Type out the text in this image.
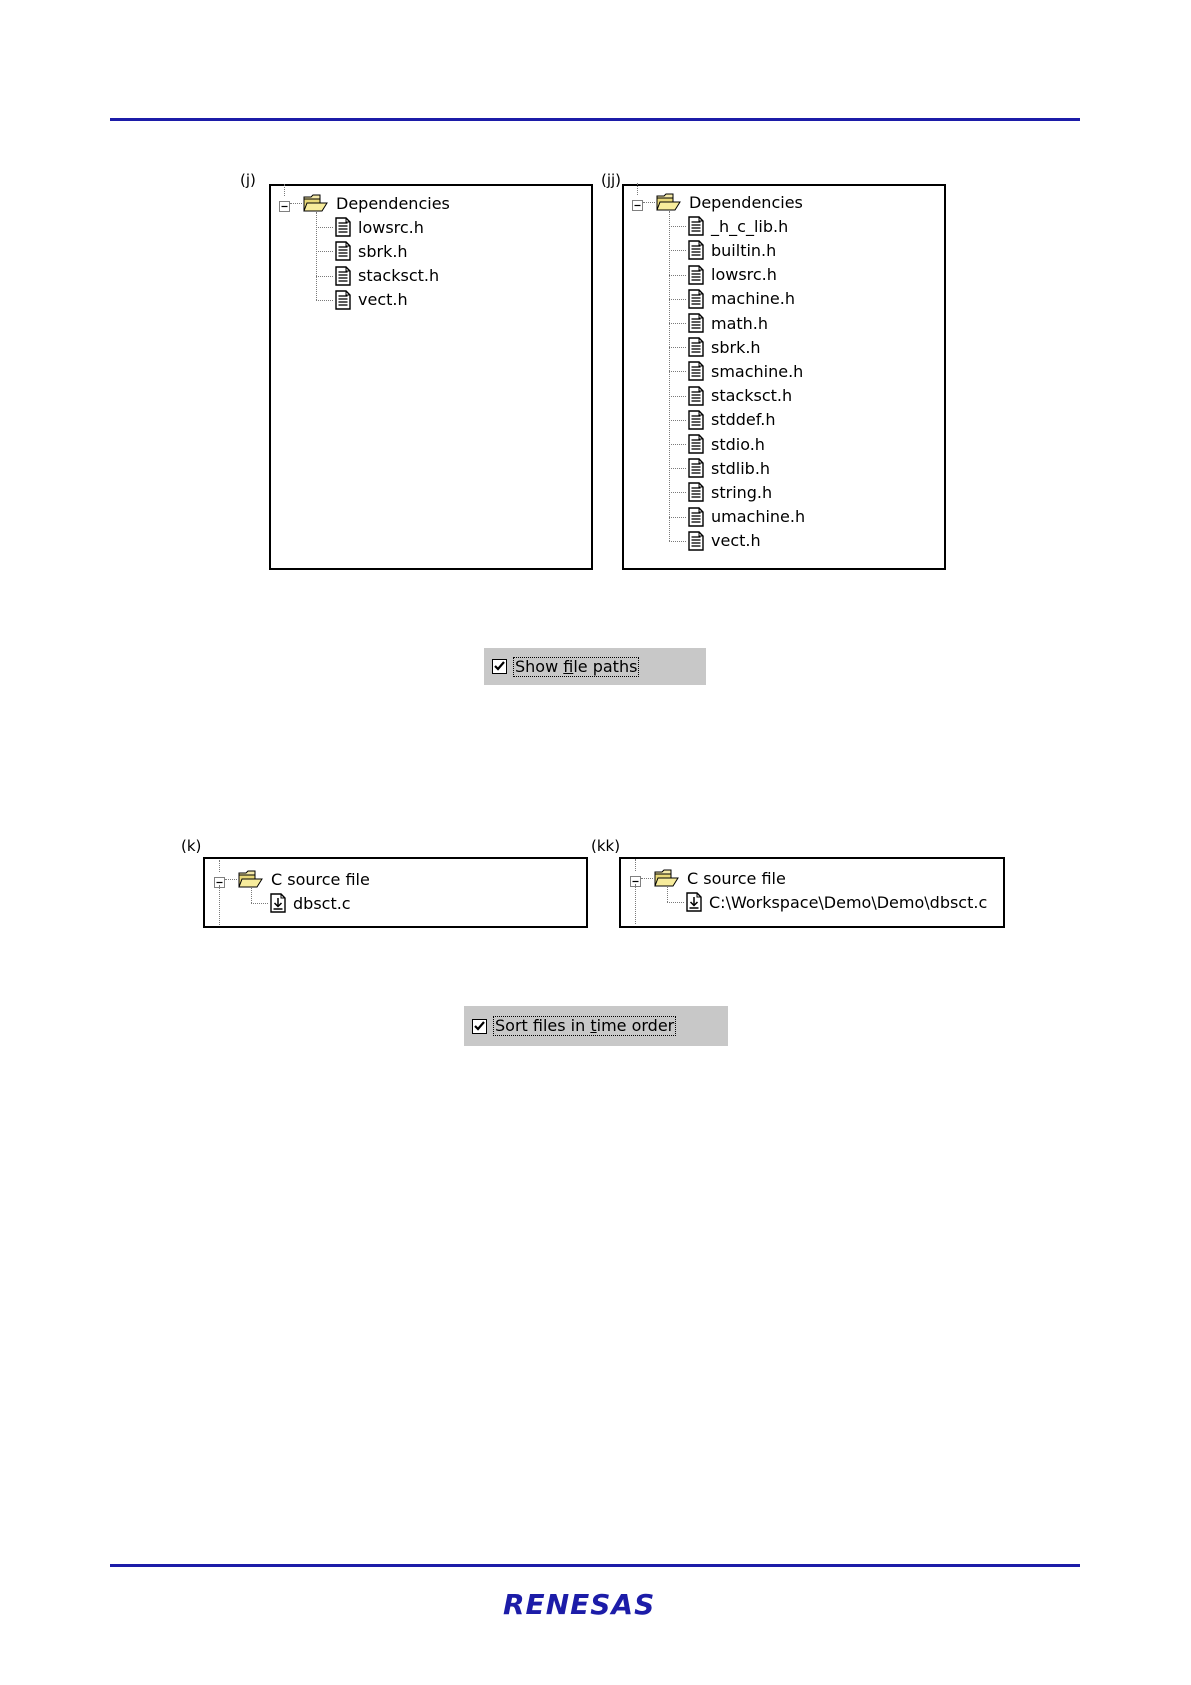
(j)
Dependencies
lowsrc.h
sbrk.h
stacksct.h
vect.h
(jj)
Dependencies
_h_c_lib.h
builtin.h
lowsrc.h
machine.h
math.h
sbrk.h
smachine.h
stacksct.h
stddef.h
stdio.h
stdlib.h
string.h
umachine.h
vect.h
Show file paths
(k)
C source file
dbsct.c
(kk)
C source file
C:\Workspace\Demo\Demo\dbsct.c
Sort files in time order
RENESAS
